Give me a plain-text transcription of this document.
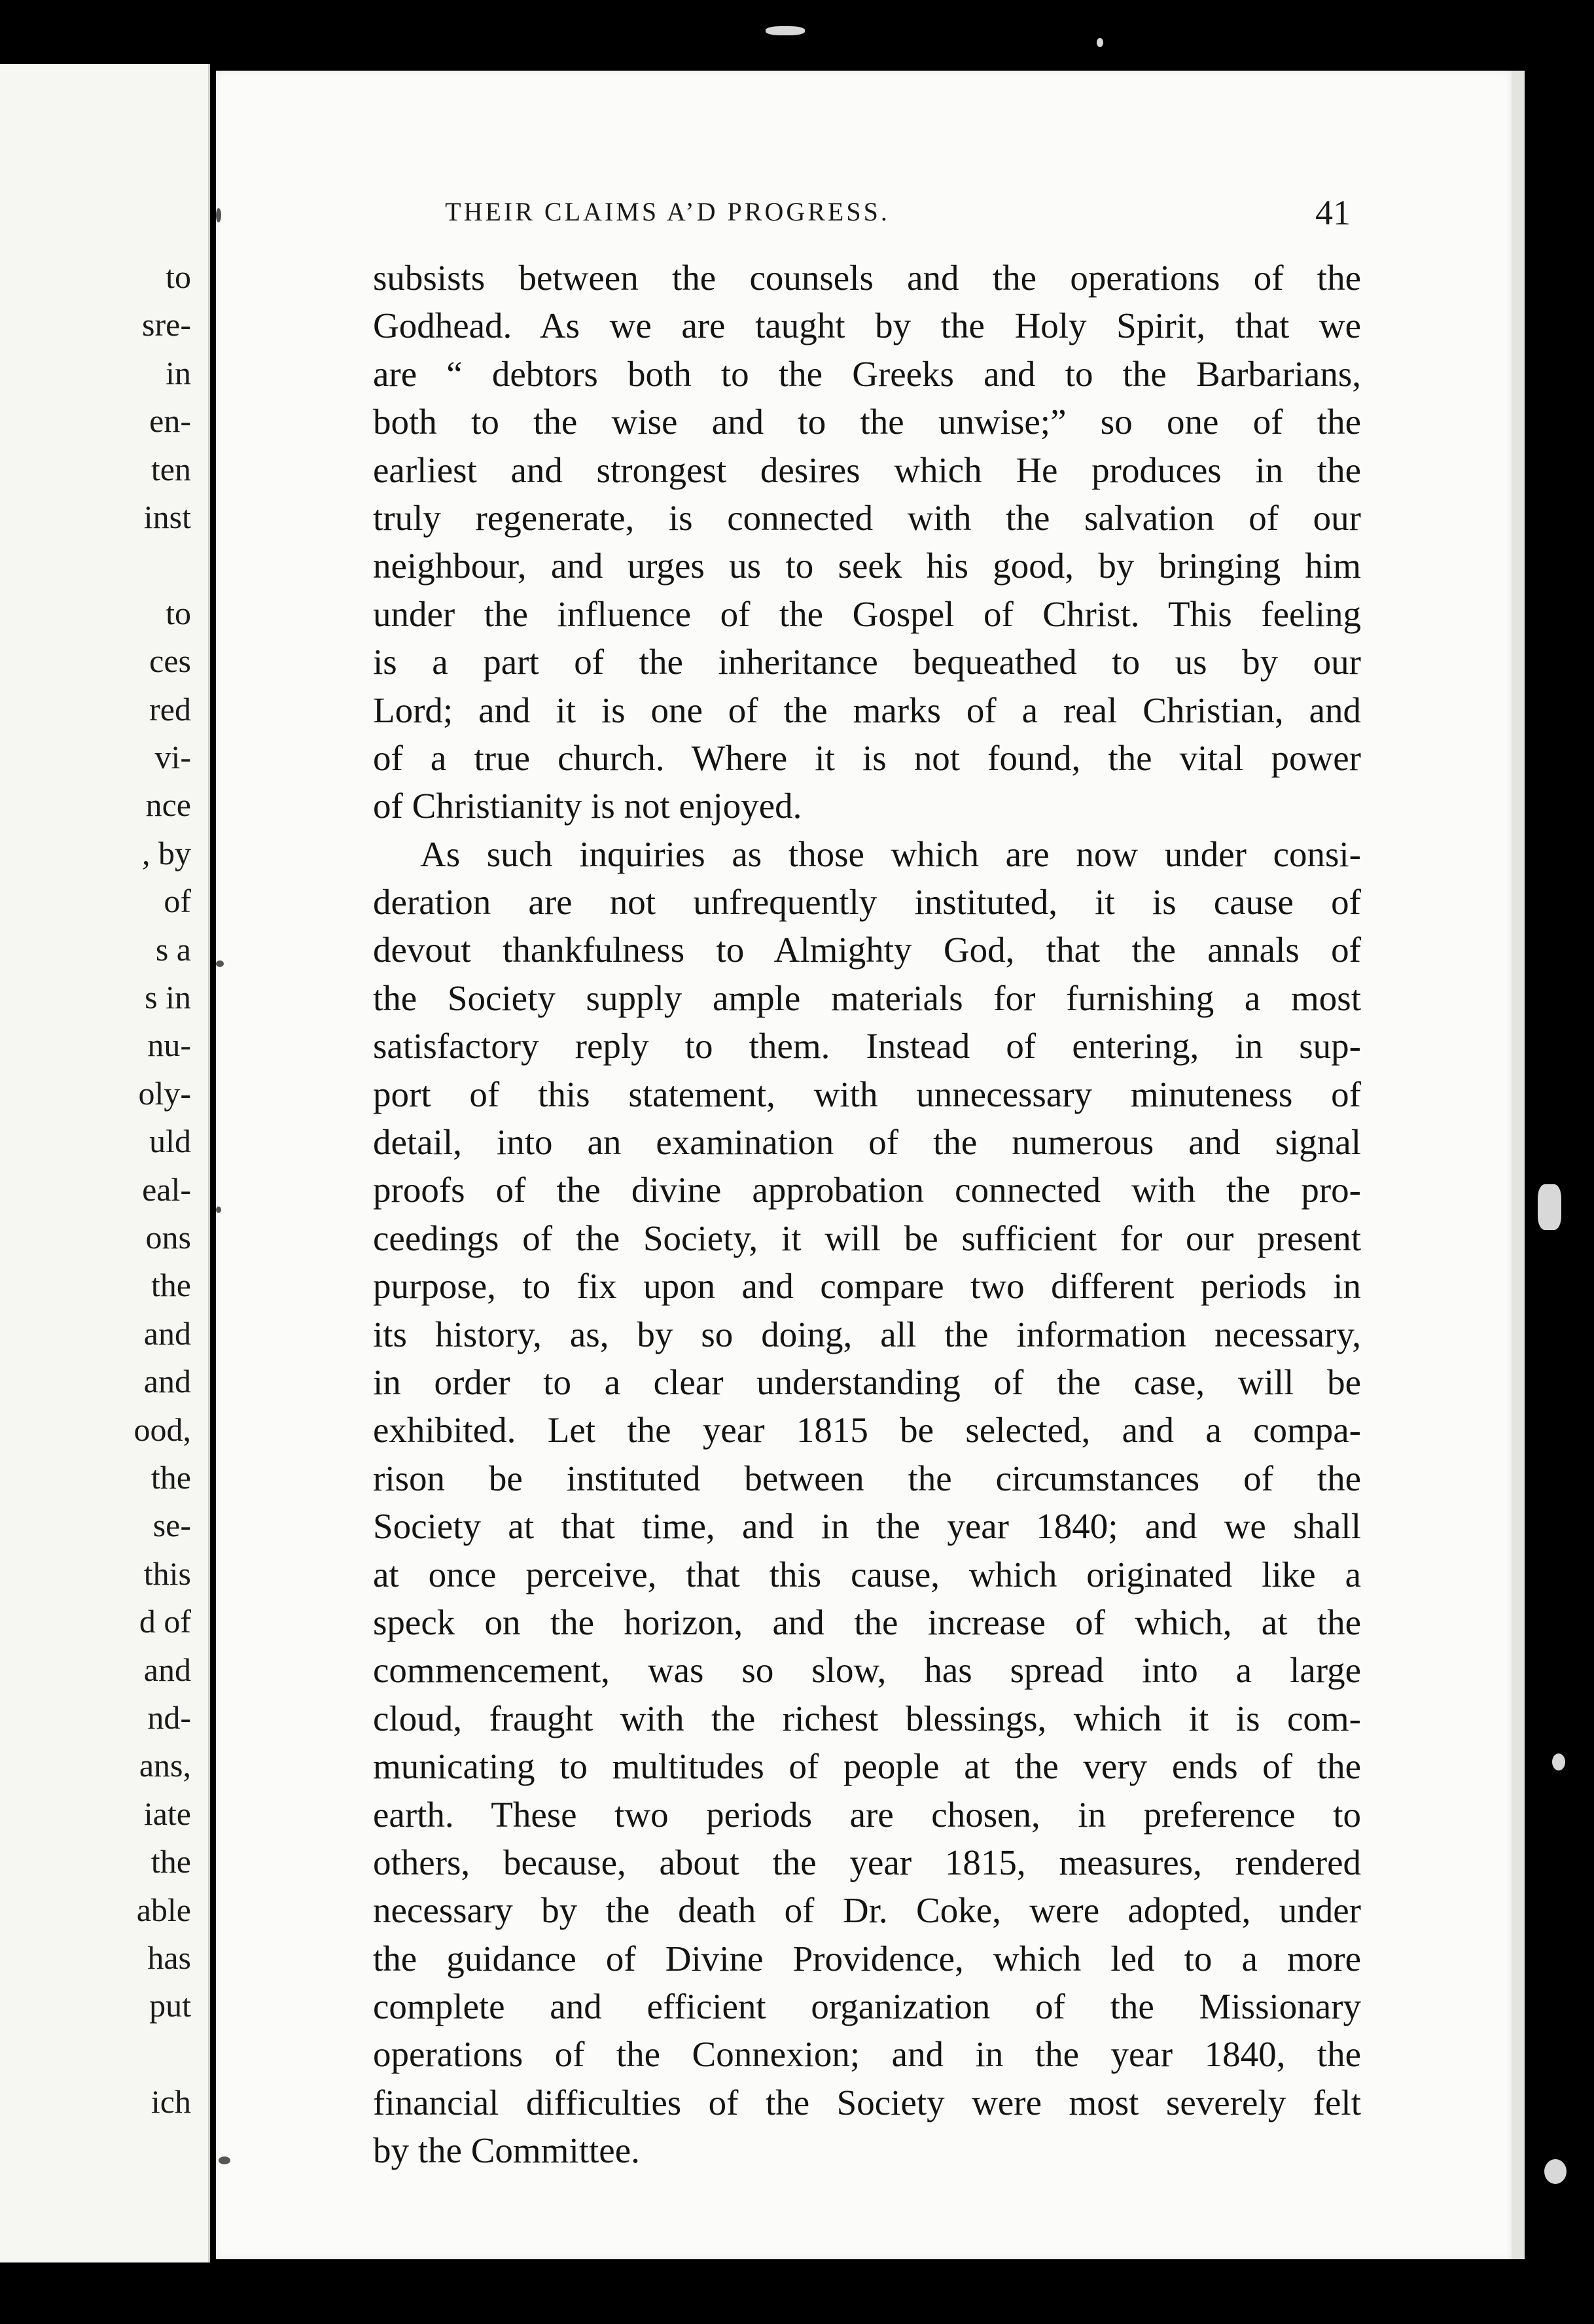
to
sre-
in
en-
ten
inst
to
ces
red
vi-
nce
, by
of
s a
s in
nu-
oly-
uld
eal-
ons
the
and
and
ood,
the
se-
this
d of
and
nd-
ans,
iate
the
able
has
put
ich
THEIR CLAIMS A’D PROGRESS.	41
subsists between the counsels and the operations of the
Godhead. As we are taught by the Holy Spirit, that we
are “ debtors both to the Greeks and to the Barbarians,
both to the wise and to the unwise;” so one of the
earliest and strongest desires which He produces in the
truly regenerate, is connected with the salvation of our
neighbour, and urges us to seek his good, by bringing him
under the influence of the Gospel of Christ. This feeling
is a part of the inheritance bequeathed to us by our
Lord; and it is one of the marks of a real Christian, and
of a true church. Where it is not found, the vital power
of Christianity is not enjoyed.
As such inquiries as those which are now under consi-
deration are not unfrequently instituted, it is cause of
devout thankfulness to Almighty God, that the annals of
the Society supply ample materials for furnishing a most
satisfactory reply to them. Instead of entering, in sup-
port of this statement, with unnecessary minuteness of
detail, into an examination of the numerous and signal
proofs of the divine approbation connected with the pro-
ceedings of the Society, it will be sufficient for our present
purpose, to fix upon and compare two different periods in
its history, as, by so doing, all the information necessary,
in order to a clear understanding of the case, will be
exhibited. Let the year 1815 be selected, and a compa-
rison be instituted between the circumstances of the
Society at that time, and in the year 1840; and we shall
at once perceive, that this cause, which originated like a
speck on the horizon, and the increase of which, at the
commencement, was so slow, has spread into a large
cloud, fraught with the richest blessings, which it is com-
municating to multitudes of people at the very ends of the
earth. These two periods are chosen, in preference to
others, because, about the year 1815, measures, rendered
necessary by the death of Dr. Coke, were adopted, under
the guidance of Divine Providence, which led to a more
complete and efficient organization of the Missionary
operations of the Connexion; and in the year 1840, the
financial difficulties of the Society were most severely felt
by the Committee.
